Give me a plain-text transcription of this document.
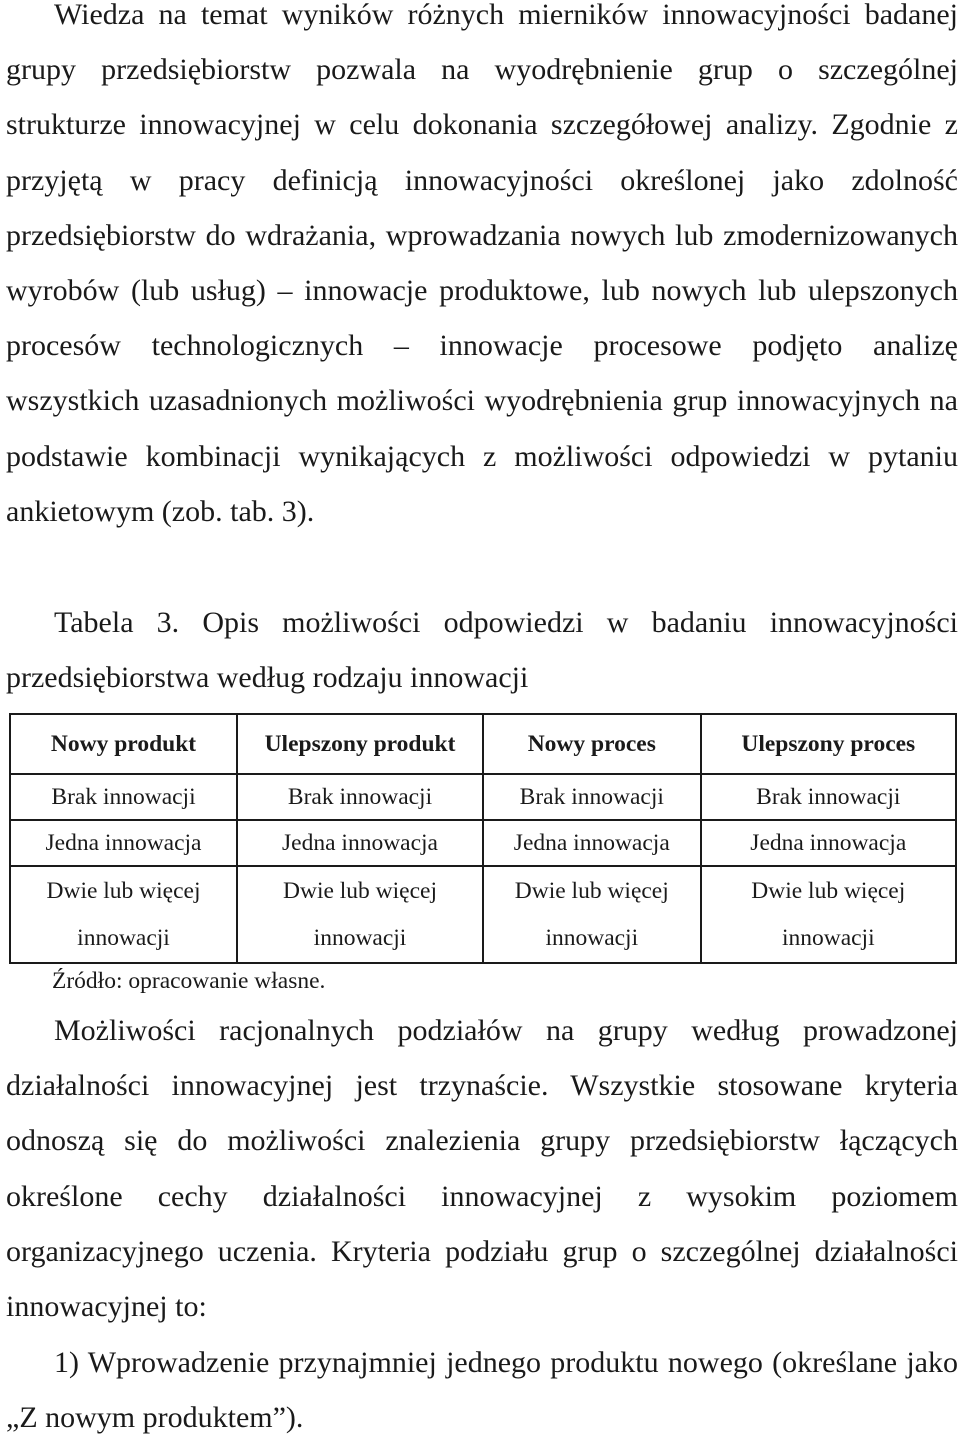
Wiedza na temat wyników różnych mierników innowacyjności badanej grupy przedsiębiorstw pozwala na wyodrębnienie grup o szczególnej strukturze innowacyjnej w celu dokonania szczegółowej analizy. Zgodnie z przyjętą w pracy definicją innowacyjności określonej jako zdolność przedsiębiorstw do wdrażania, wprowadzania nowych lub zmodernizowanych wyrobów (lub usług) – innowacje produktowe, lub nowych lub ulepszonych procesów technologicznych – innowacje procesowe podjęto analizę wszystkich uzasadnionych możliwości wyodrębnienia grup innowacyjnych na podstawie kombinacji wynikających z możliwości odpowiedzi w pytaniu ankietowym (zob. tab. 3).

Tabela 3. Opis możliwości odpowiedzi w badaniu innowacyjności przedsiębiorstwa według rodzaju innowacji

Nowy produkt	Ulepszony produkt	Nowy proces	Ulepszony proces
Brak innowacji	Brak innowacji	Brak innowacji	Brak innowacji
Jedna innowacja	Jedna innowacja	Jedna innowacja	Jedna innowacja
Dwie lub więcej innowacji	Dwie lub więcej innowacji	Dwie lub więcej innowacji	Dwie lub więcej innowacji

Źródło: opracowanie własne.

Możliwości racjonalnych podziałów na grupy według prowadzonej działalności innowacyjnej jest trzynaście. Wszystkie stosowane kryteria odnoszą się do możliwości znalezienia grupy przedsiębiorstw łączących określone cechy działalności innowacyjnej z wysokim poziomem organizacyjnego uczenia. Kryteria podziału grup o szczególnej działalności innowacyjnej to:

1) Wprowadzenie przynajmniej jednego produktu nowego (określane jako „Z nowym produktem”).
